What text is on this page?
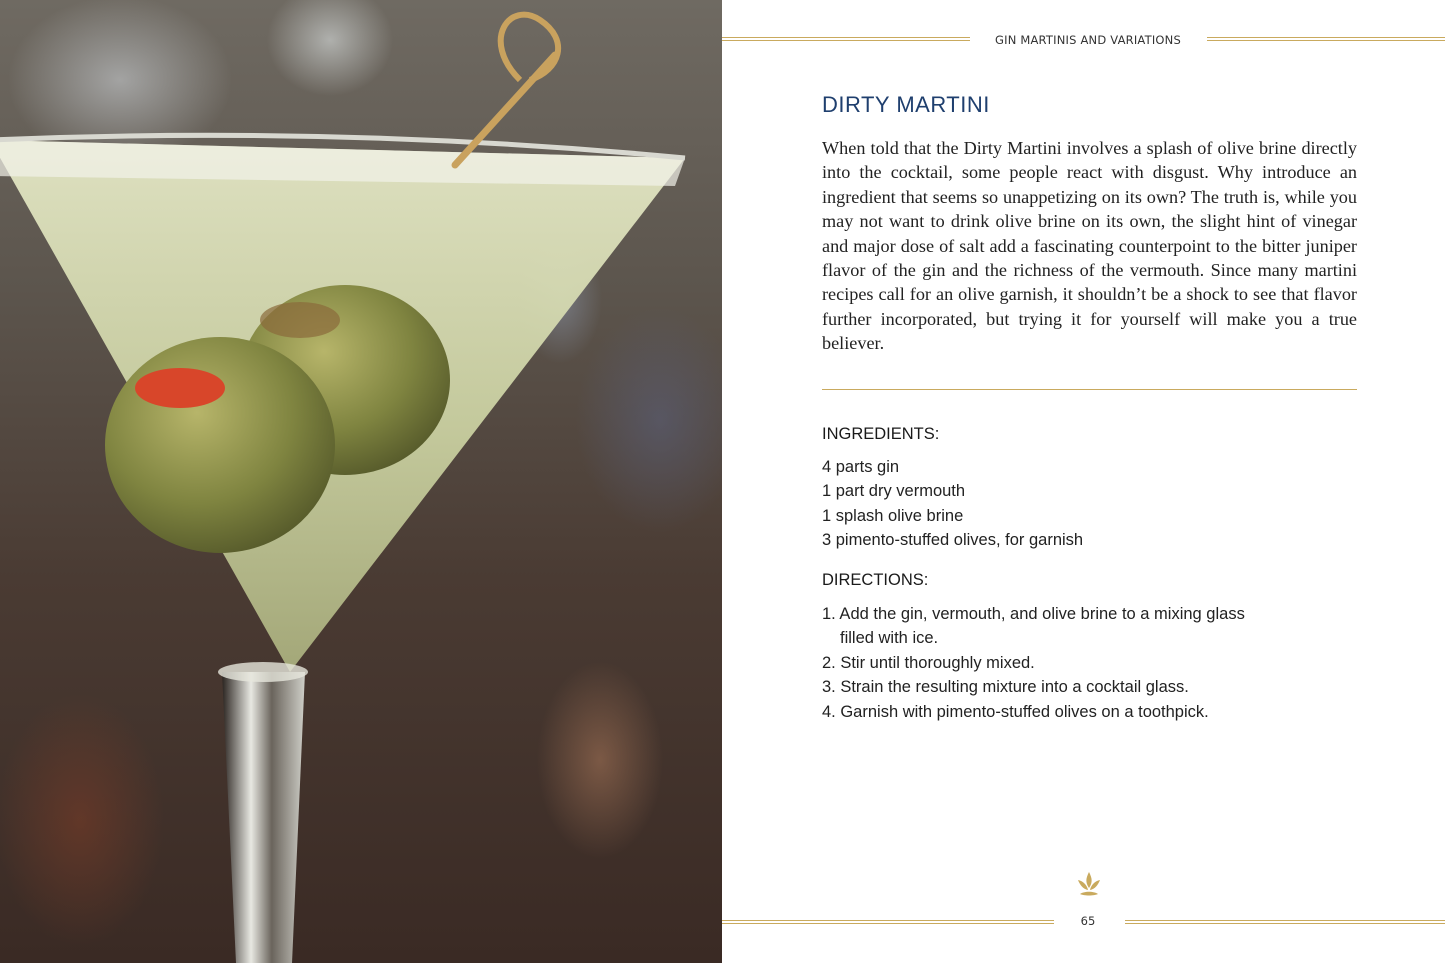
GIN MARTINIS AND VARIATIONS
DIRTY MARTINI

When told that the Dirty Martini involves a splash of olive brine directly into the cocktail, some people react with disgust. Why introduce an ingredient that seems so unappetizing on its own? The truth is, while you may not want to drink olive brine on its own, the slight hint of vinegar and major dose of salt add a fascinating counterpoint to the bitter juniper flavor of the gin and the richness of the vermouth. Since many martini recipes call for an olive garnish, it shouldn’t be a shock to see that flavor further incorporated, but trying it for yourself will make you a true believer.

INGREDIENTS:
4 parts gin
1 part dry vermouth
1 splash olive brine
3 pimento-stuffed olives, for garnish
DIRECTIONS:
1. Add the gin, vermouth, and olive brine to a mixing glass filled with ice.
2. Stir until thoroughly mixed.
3. Strain the resulting mixture into a cocktail glass.
4. Garnish with pimento-stuffed olives on a toothpick.
65
